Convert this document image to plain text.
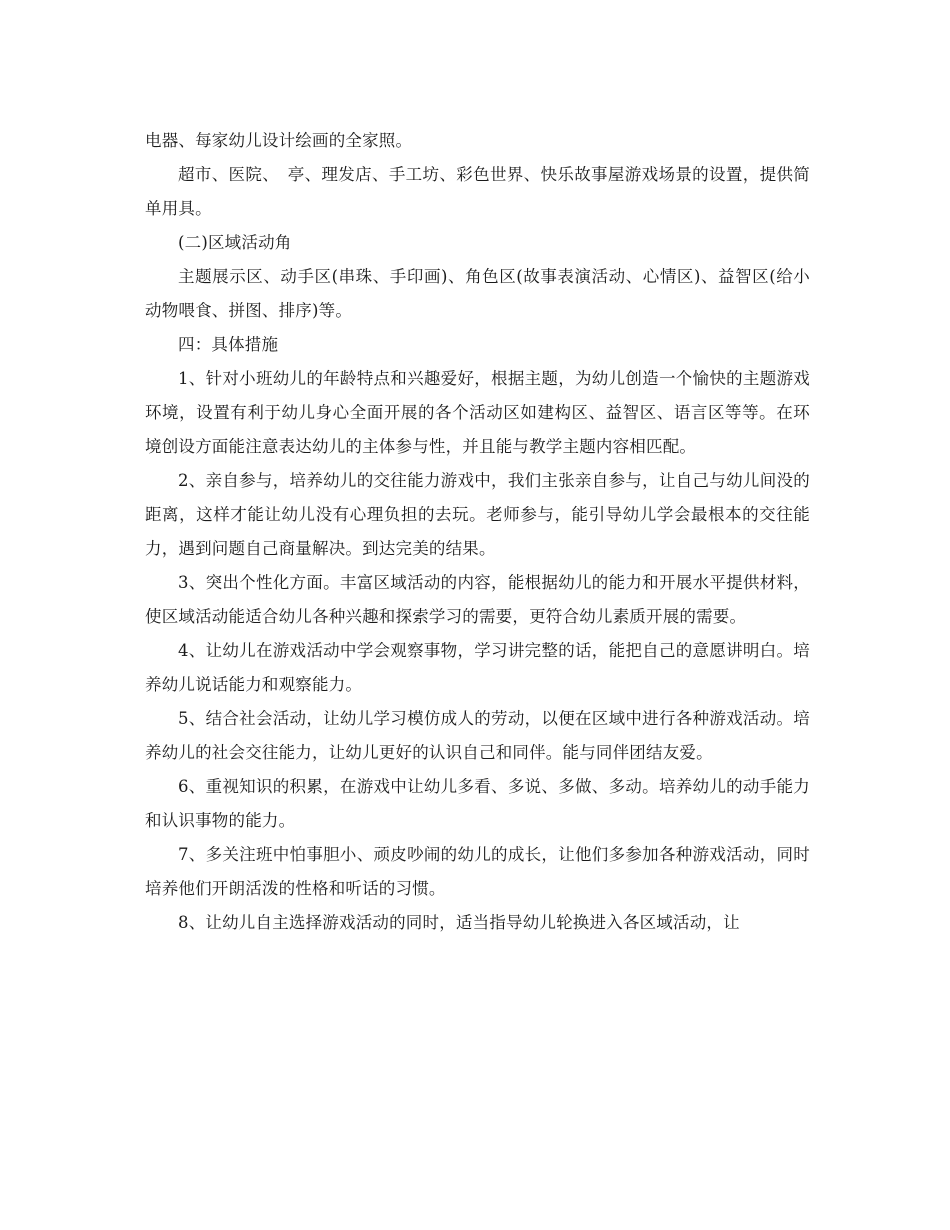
电器、每家幼儿设计绘画的全家照。

超市、医院、　亭、理发店、手工坊、彩色世界、快乐故事屋游戏场景的设置，提供简单用具。

(二)区域活动角

主题展示区、动手区(串珠、手印画)、角色区(故事表演活动、心情区)、益智区(给小动物喂食、拼图、排序)等。

四：具体措施

1、针对小班幼儿的年龄特点和兴趣爱好，根据主题，为幼儿创造一个愉快的主题游戏环境，设置有利于幼儿身心全面开展的各个活动区如建构区、益智区、语言区等等。在环境创设方面能注意表达幼儿的主体参与性，并且能与教学主题内容相匹配。

2、亲自参与，培养幼儿的交往能力游戏中，我们主张亲自参与，让自己与幼儿间没的距离，这样才能让幼儿没有心理负担的去玩。老师参与，能引导幼儿学会最根本的交往能力，遇到问题自己商量解决。到达完美的结果。

3、突出个性化方面。丰富区域活动的内容，能根据幼儿的能力和开展水平提供材料，使区域活动能适合幼儿各种兴趣和探索学习的需要，更符合幼儿素质开展的需要。

4、让幼儿在游戏活动中学会观察事物，学习讲完整的话，能把自己的意愿讲明白。培养幼儿说话能力和观察能力。

5、结合社会活动，让幼儿学习模仿成人的劳动，以便在区域中进行各种游戏活动。培养幼儿的社会交往能力，让幼儿更好的认识自己和同伴。能与同伴团结友爱。

6、重视知识的积累，在游戏中让幼儿多看、多说、多做、多动。培养幼儿的动手能力和认识事物的能力。

7、多关注班中怕事胆小、顽皮吵闹的幼儿的成长，让他们多参加各种游戏活动，同时培养他们开朗活泼的性格和听话的习惯。

8、让幼儿自主选择游戏活动的同时，适当指导幼儿轮换进入各区域活动，让
